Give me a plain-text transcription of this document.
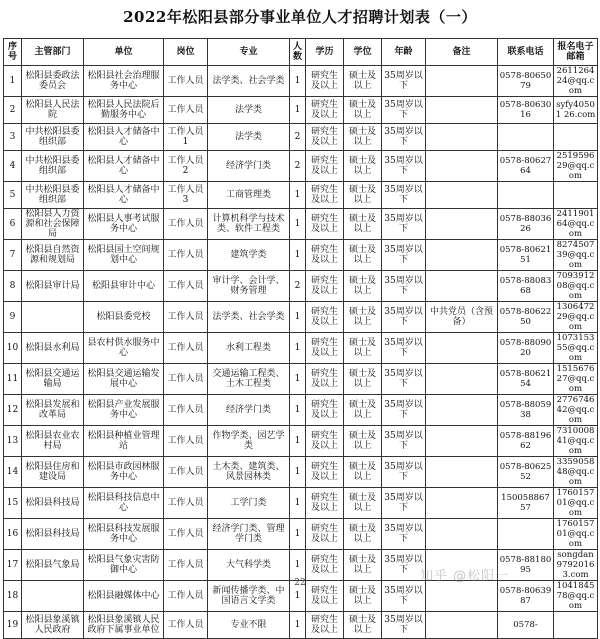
2022年松阳县部分事业单位人才招聘计划表（一）
序号	主管部门	单位	岗位	专业	人数	学历	学位	年龄	备注	联系电话	报名电子邮箱
1	松阳县委政法委员会	松阳县社会治理服务中心	工作人员	法学类、社会学类	1	研究生及以上	硕士及以上	35周岁以下		0578-8065079	261126424@qq.com
2	松阳县人民法院	松阳县人民法院后勤服务中心	工作人员	法学类	1	研究生及以上	硕士及以上	35周岁以下		0578-8063016	syfy40501 26.com
3	中共松阳县委组织部	松阳县人才储备中心	工作人员1	法学类	2	研究生及以上	硕士及以上	35周岁以下			
4	中共松阳县委组织部	松阳县人才储备中心	工作人员2	经济学门类	2	研究生及以上	硕士及以上	35周岁以下		0578-8062764	251959629@qq.com
5	中共松阳县委组织部	松阳县人才储备中心	工作人员3	工商管理类	1	研究生及以上	硕士及以上	35周岁以下			
6	松阳县人力资源和社会保障局	松阳县人事考试服务中心	工作人员	计算机科学与技术类、软件工程类	1	研究生及以上	硕士及以上	35周岁以下		0578-8803626	241190164@qq.com
7	松阳县自然资源和规划局	松阳县国土空间规划中心	工作人员	建筑学类	1	研究生及以上	硕士及以上	35周岁以下		0578-8062151	827450739@qq.com
8	松阳县审计局	松阳县审计中心	工作人员	审计学、会计学、财务管理	2	研究生及以上	硕士及以上	35周岁以下		0578-8808368	709391208@qq.com
9		松阳县委党校	工作人员	法学类、社会学类	1	研究生及以上	硕士及以上	35周岁以下	中共党员（含预备）	0578-8062250	130647229@qq.com
10	松阳县水利局	县农村供水服务中心	工作人员	水利工程类	1	研究生及以上	硕士及以上	35周岁以下		0578-8809020	107315355@qq.com
11	松阳县交通运输局	松阳县交通运输发展中心	工作人员	交通运输工程类、土木工程类	1	研究生及以上	硕士及以上	35周岁以下		0578-8062154	151567627@qq.com
12	松阳县发展和改革局	松阳县产业发展服务中心	工作人员	经济学门类	1	研究生及以上	硕士及以上	35周岁以下		0578-8805938	277674642@qq.com
13	松阳县农业农村局	松阳县种植业管理站	工作人员	作物学类、园艺学类	1	研究生及以上	硕士及以上	35周岁以下		0578-8819662	731000841@qq.com
14	松阳县住房和建设局	松阳县市政园林服务中心	工作人员	土木类、建筑类、风景园林类	1	研究生及以上	硕士及以上	35周岁以下		0578-8062552	335905848@qq.com
15	松阳县科技局	松阳县科技信息中心	工作人员	工学门类	1	研究生及以上	硕士及以上	35周岁以下		15005886757	176015701@qq.com
16	松阳县科技局	松阳县科技发展服务中心	工作人员	经济学门类、管理学门类	1	研究生及以上	硕士及以上	35周岁以下			176015701@qq.com
17	松阳县气象局	松阳县气象灾害防御中心	工作人员	大气科学类	1	研究生及以上	硕士及以上	35周岁以下		0578-8818095	songdan97920163.com
18		松阳县融媒体中心	工作人员	新闻传播学类、中国语言文学类	1	研究生及以上	硕士及以上	35周岁以下		0578-8063987	104184578@qq.com
19	松阳县象溪镇人民政府	松阳县象溪镇人民政府下属事业单位	工作人员	专业不限	1	研究生及以上	硕士及以上	35周岁以下		0578-	
22	知乎 @松阳一
